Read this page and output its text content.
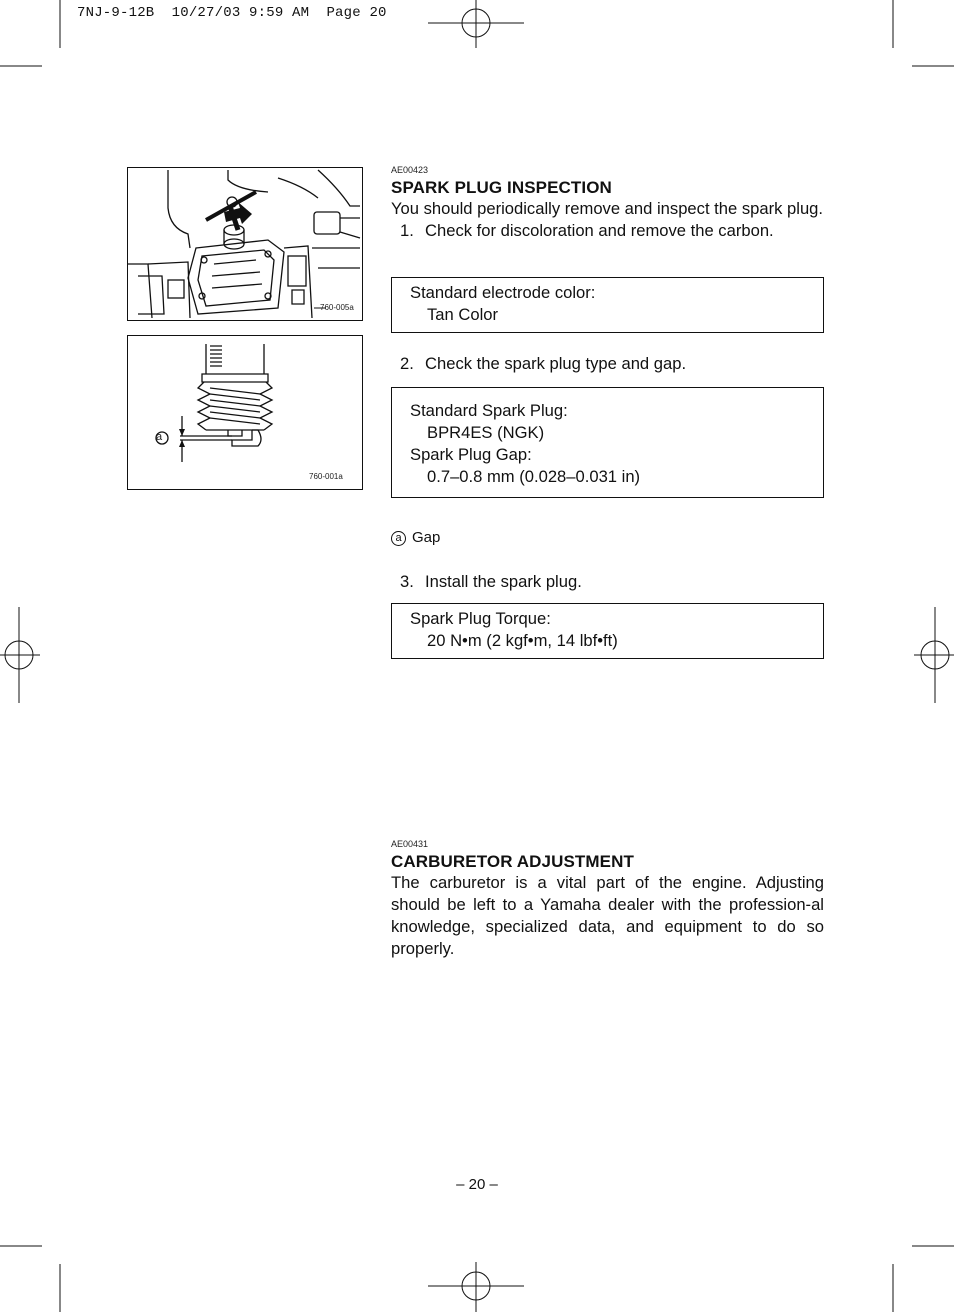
7NJ-9-12B  10/27/03 9:59 AM  Page 20
760-005a
a
760-001a
AE00423
SPARK PLUG INSPECTION
You should periodically remove and inspect the spark plug.
1. Check for discoloration and remove the carbon.
Standard electrode color:
Tan Color
2. Check the spark plug type and gap.
Standard Spark Plug:
BPR4ES (NGK)
Spark Plug Gap:
0.7–0.8 mm (0.028–0.031 in)
a Gap
3. Install the spark plug.
Spark Plug Torque:
20 N•m (2 kgf•m, 14 lbf•ft)
AE00431
CARBURETOR ADJUSTMENT
The carburetor is a vital part of the engine. Adjusting should be left to a Yamaha dealer with the profession-al knowledge, specialized data, and equipment to do so properly.
– 20 –
